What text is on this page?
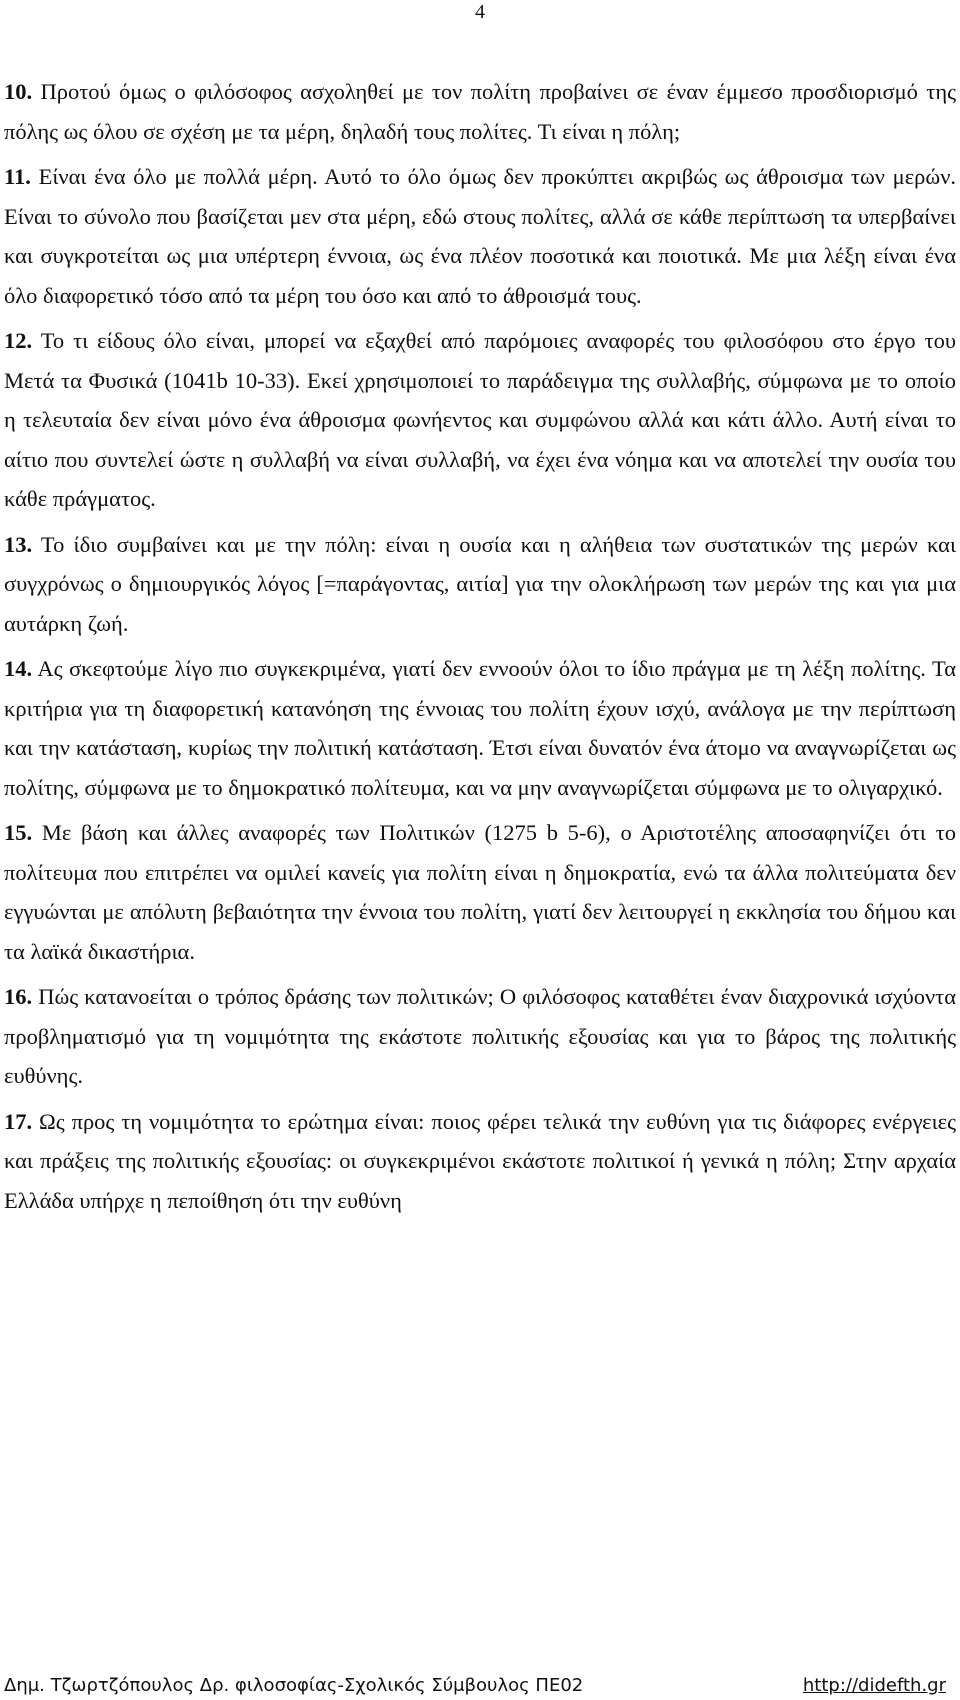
4

10. Προτού όμως ο φιλόσοφος ασχοληθεί με τον πολίτη προβαίνει σε έναν έμμεσο προσδιορισμό της πόλης ως όλου σε σχέση με τα μέρη, δηλαδή τους πολίτες. Τι είναι η πόλη;

11. Είναι ένα όλο με πολλά μέρη. Αυτό το όλο όμως δεν προκύπτει ακριβώς ως άθροισμα των μερών. Είναι το σύνολο που βασίζεται μεν στα μέρη, εδώ στους πολίτες, αλλά σε κάθε περίπτωση τα υπερβαίνει και συγκροτείται ως μια υπέρτερη έννοια, ως ένα πλέον ποσοτικά και ποιοτικά. Με μια λέξη είναι ένα όλο διαφορετικό τόσο από τα μέρη του όσο και από το άθροισμά τους.

12. Το τι είδους όλο είναι, μπορεί να εξαχθεί από παρόμοιες αναφορές του φιλοσόφου στο έργο του Μετά τα Φυσικά (1041b 10-33). Εκεί χρησιμοποιεί το παράδειγμα της συλλαβής, σύμφωνα με το οποίο η τελευταία δεν είναι μόνο ένα άθροισμα φωνήεντος και συμφώνου αλλά και κάτι άλλο. Αυτή είναι το αίτιο που συντελεί ώστε η συλλαβή να είναι συλλαβή, να έχει ένα νόημα και να αποτελεί την ουσία του κάθε πράγματος.

13. Το ίδιο συμβαίνει και με την πόλη: είναι η ουσία και η αλήθεια των συστατικών της μερών και συγχρόνως ο δημιουργικός λόγος [=παράγοντας, αιτία] για την ολοκλήρωση των μερών της και για μια αυτάρκη ζωή.

14. Ας σκεφτούμε λίγο πιο συγκεκριμένα, γιατί δεν εννοούν όλοι το ίδιο πράγμα με τη λέξη πολίτης. Τα κριτήρια για τη διαφορετική κατανόηση της έννοιας του πολίτη έχουν ισχύ, ανάλογα με την περίπτωση και την κατάσταση, κυρίως την πολιτική κατάσταση. Έτσι είναι δυνατόν ένα άτομο να αναγνωρίζεται ως πολίτης, σύμφωνα με το δημοκρατικό πολίτευμα, και να μην αναγνωρίζεται σύμφωνα με το ολιγαρχικό.

15. Με βάση και άλλες αναφορές των Πολιτικών (1275 b 5-6), ο Αριστοτέλης αποσαφηνίζει ότι το πολίτευμα που επιτρέπει να ομιλεί κανείς για πολίτη είναι η δημοκρατία, ενώ τα άλλα πολιτεύματα δεν εγγυώνται με απόλυτη βεβαιότητα την έννοια του πολίτη, γιατί δεν λειτουργεί η εκκλησία του δήμου και τα λαϊκά δικαστήρια.

16. Πώς κατανοείται ο τρόπος δράσης των πολιτικών; Ο φιλόσοφος καταθέτει έναν διαχρονικά ισχύοντα προβληματισμό για τη νομιμότητα της εκάστοτε πολιτικής εξουσίας και για το βάρος της πολιτικής ευθύνης.

17. Ως προς τη νομιμότητα το ερώτημα είναι: ποιος φέρει τελικά την ευθύνη για τις διάφορες ενέργειες και πράξεις της πολιτικής εξουσίας: οι συγκεκριμένοι εκάστοτε πολιτικοί ή γενικά η πόλη; Στην αρχαία Ελλάδα υπήρχε η πεποίθηση ότι την ευθύνη

Δημ. Τζωρτζόπουλος Δρ. φιλοσοφίας-Σχολικός Σύμβουλος ΠΕ02	http://didefth.gr
